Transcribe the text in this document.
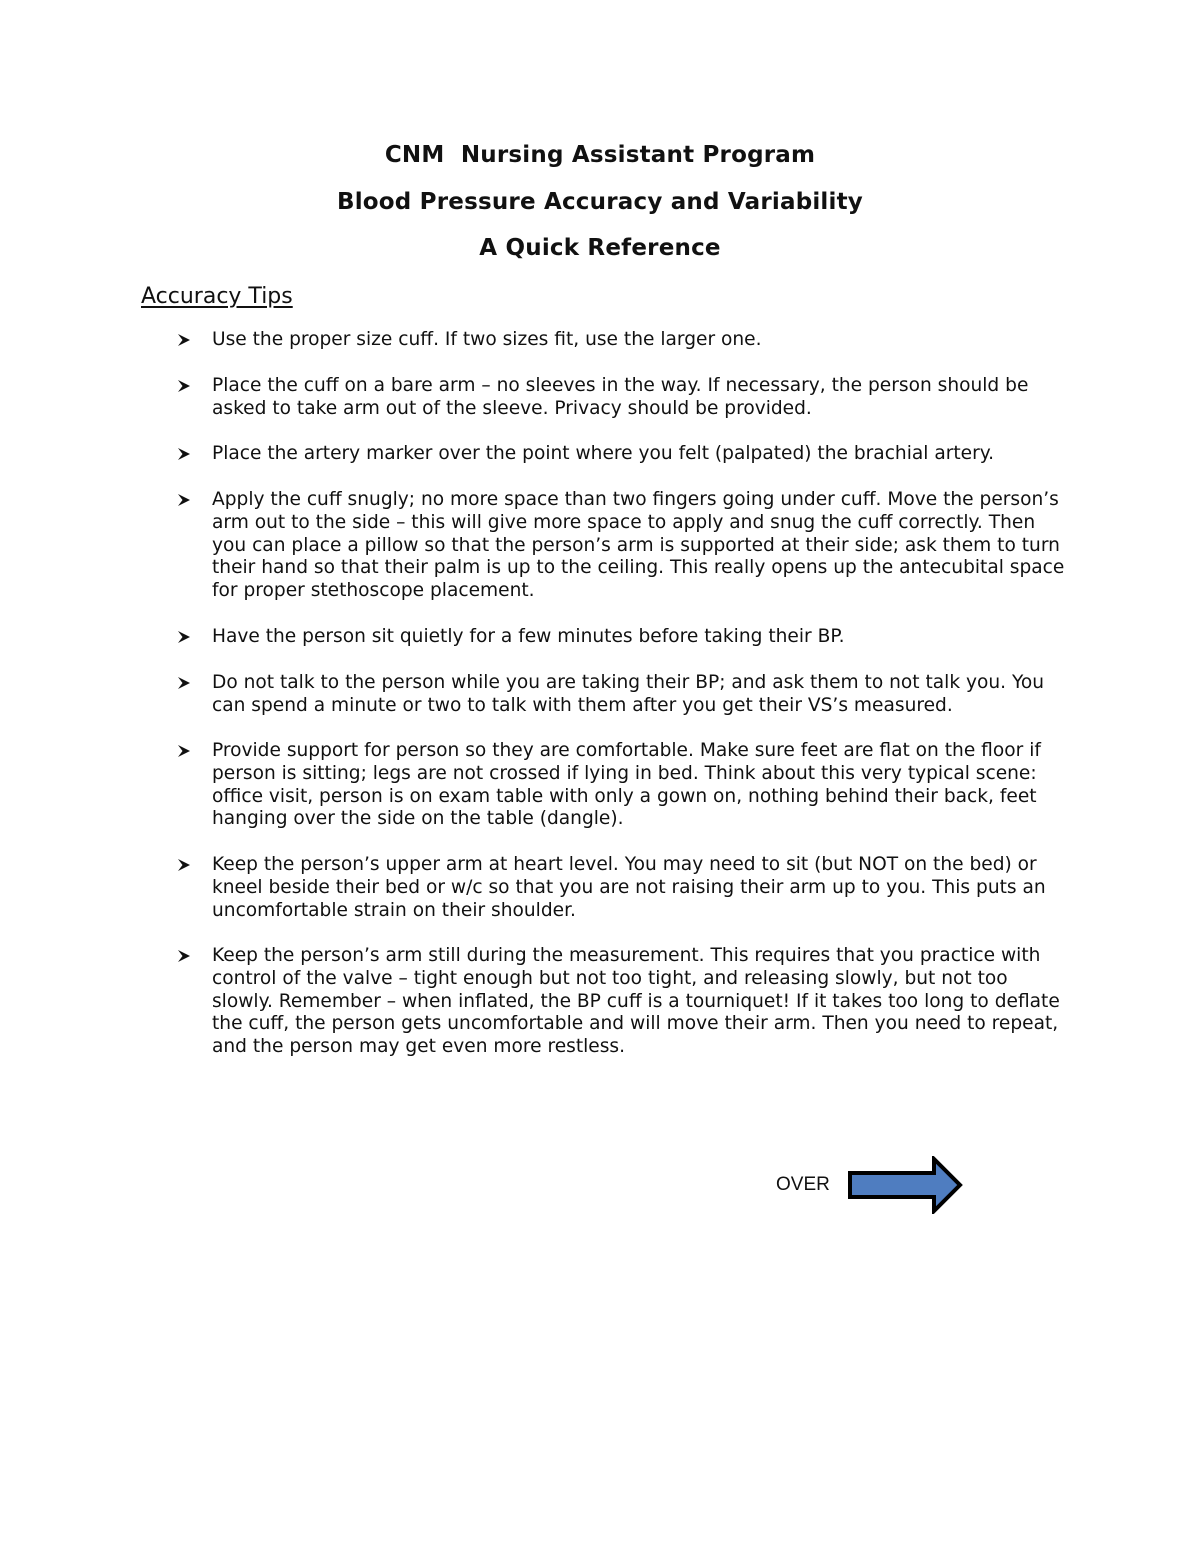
CNM  Nursing Assistant Program
Blood Pressure Accuracy and Variability
A Quick Reference
Accuracy Tips
Use the proper size cuff. If two sizes fit, use the larger one.
Place the cuff on a bare arm – no sleeves in the way. If necessary, the person should be asked to take arm out of the sleeve. Privacy should be provided.
Place the artery marker over the point where you felt (palpated) the brachial artery.
Apply the cuff snugly; no more space than two fingers going under cuff. Move the person’s arm out to the side – this will give more space to apply and snug the cuff correctly. Then you can place a pillow so that the person’s arm is supported at their side; ask them to turn their hand so that their palm is up to the ceiling. This really opens up the antecubital space for proper stethoscope placement.
Have the person sit quietly for a few minutes before taking their BP.
Do not talk to the person while you are taking their BP; and ask them to not talk you. You can spend a minute or two to talk with them after you get their VS’s measured.
Provide support for person so they are comfortable. Make sure feet are flat on the floor if person is sitting; legs are not crossed if lying in bed. Think about this very typical scene: office visit, person is on exam table with only a gown on, nothing behind their back, feet hanging over the side on the table (dangle).
Keep the person’s upper arm at heart level. You may need to sit (but NOT on the bed) or kneel beside their bed or w/c so that you are not raising their arm up to you. This puts an uncomfortable strain on their shoulder.
Keep the person’s arm still during the measurement. This requires that you practice with control of the valve – tight enough but not too tight, and releasing slowly, but not too slowly. Remember – when inflated, the BP cuff is a tourniquet! If it takes too long to deflate the cuff, the person gets uncomfortable and will move their arm. Then you need to repeat, and the person may get even more restless.
OVER
